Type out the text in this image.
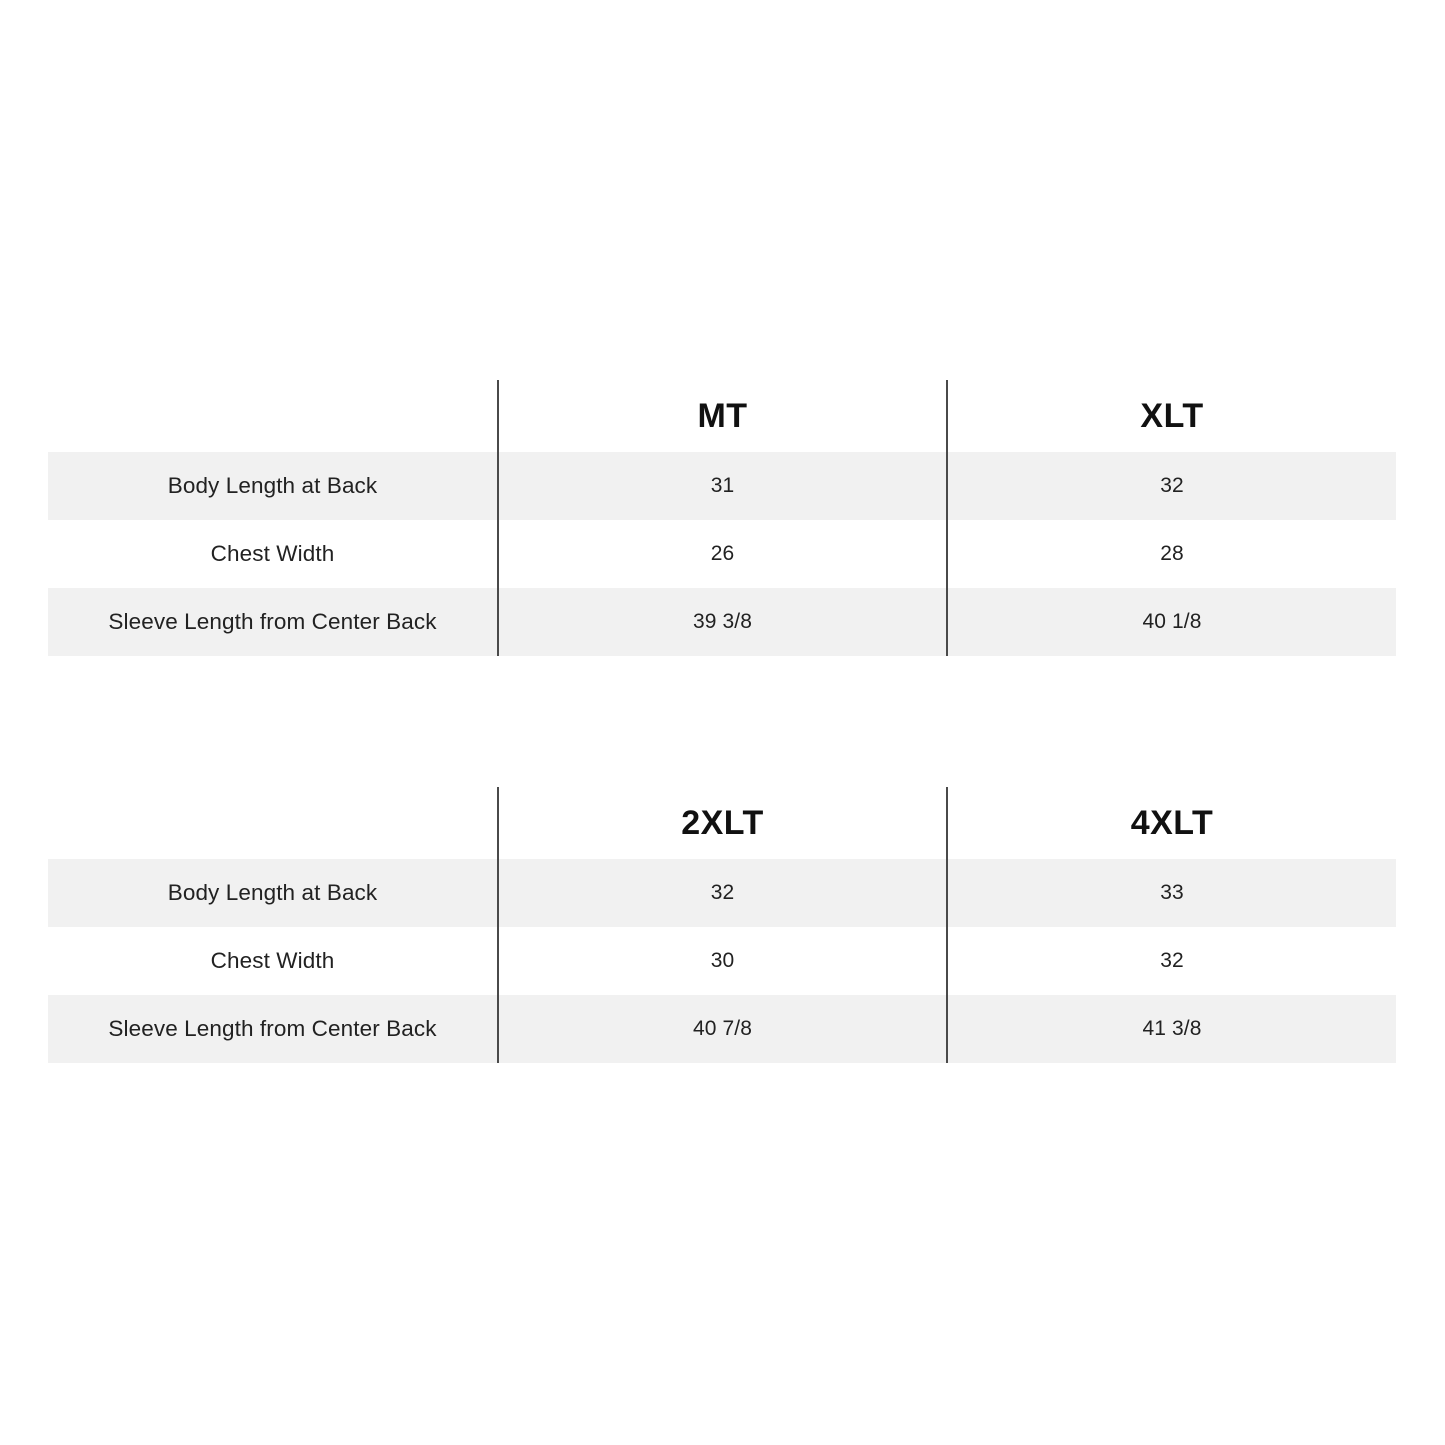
	MT	XLT
Body Length at Back	31	32
Chest Width	26	28
Sleeve Length from Center Back	39 3/8	40 1/8
	2XLT	4XLT
Body Length at Back	32	33
Chest Width	30	32
Sleeve Length from Center Back	40 7/8	41 3/8
